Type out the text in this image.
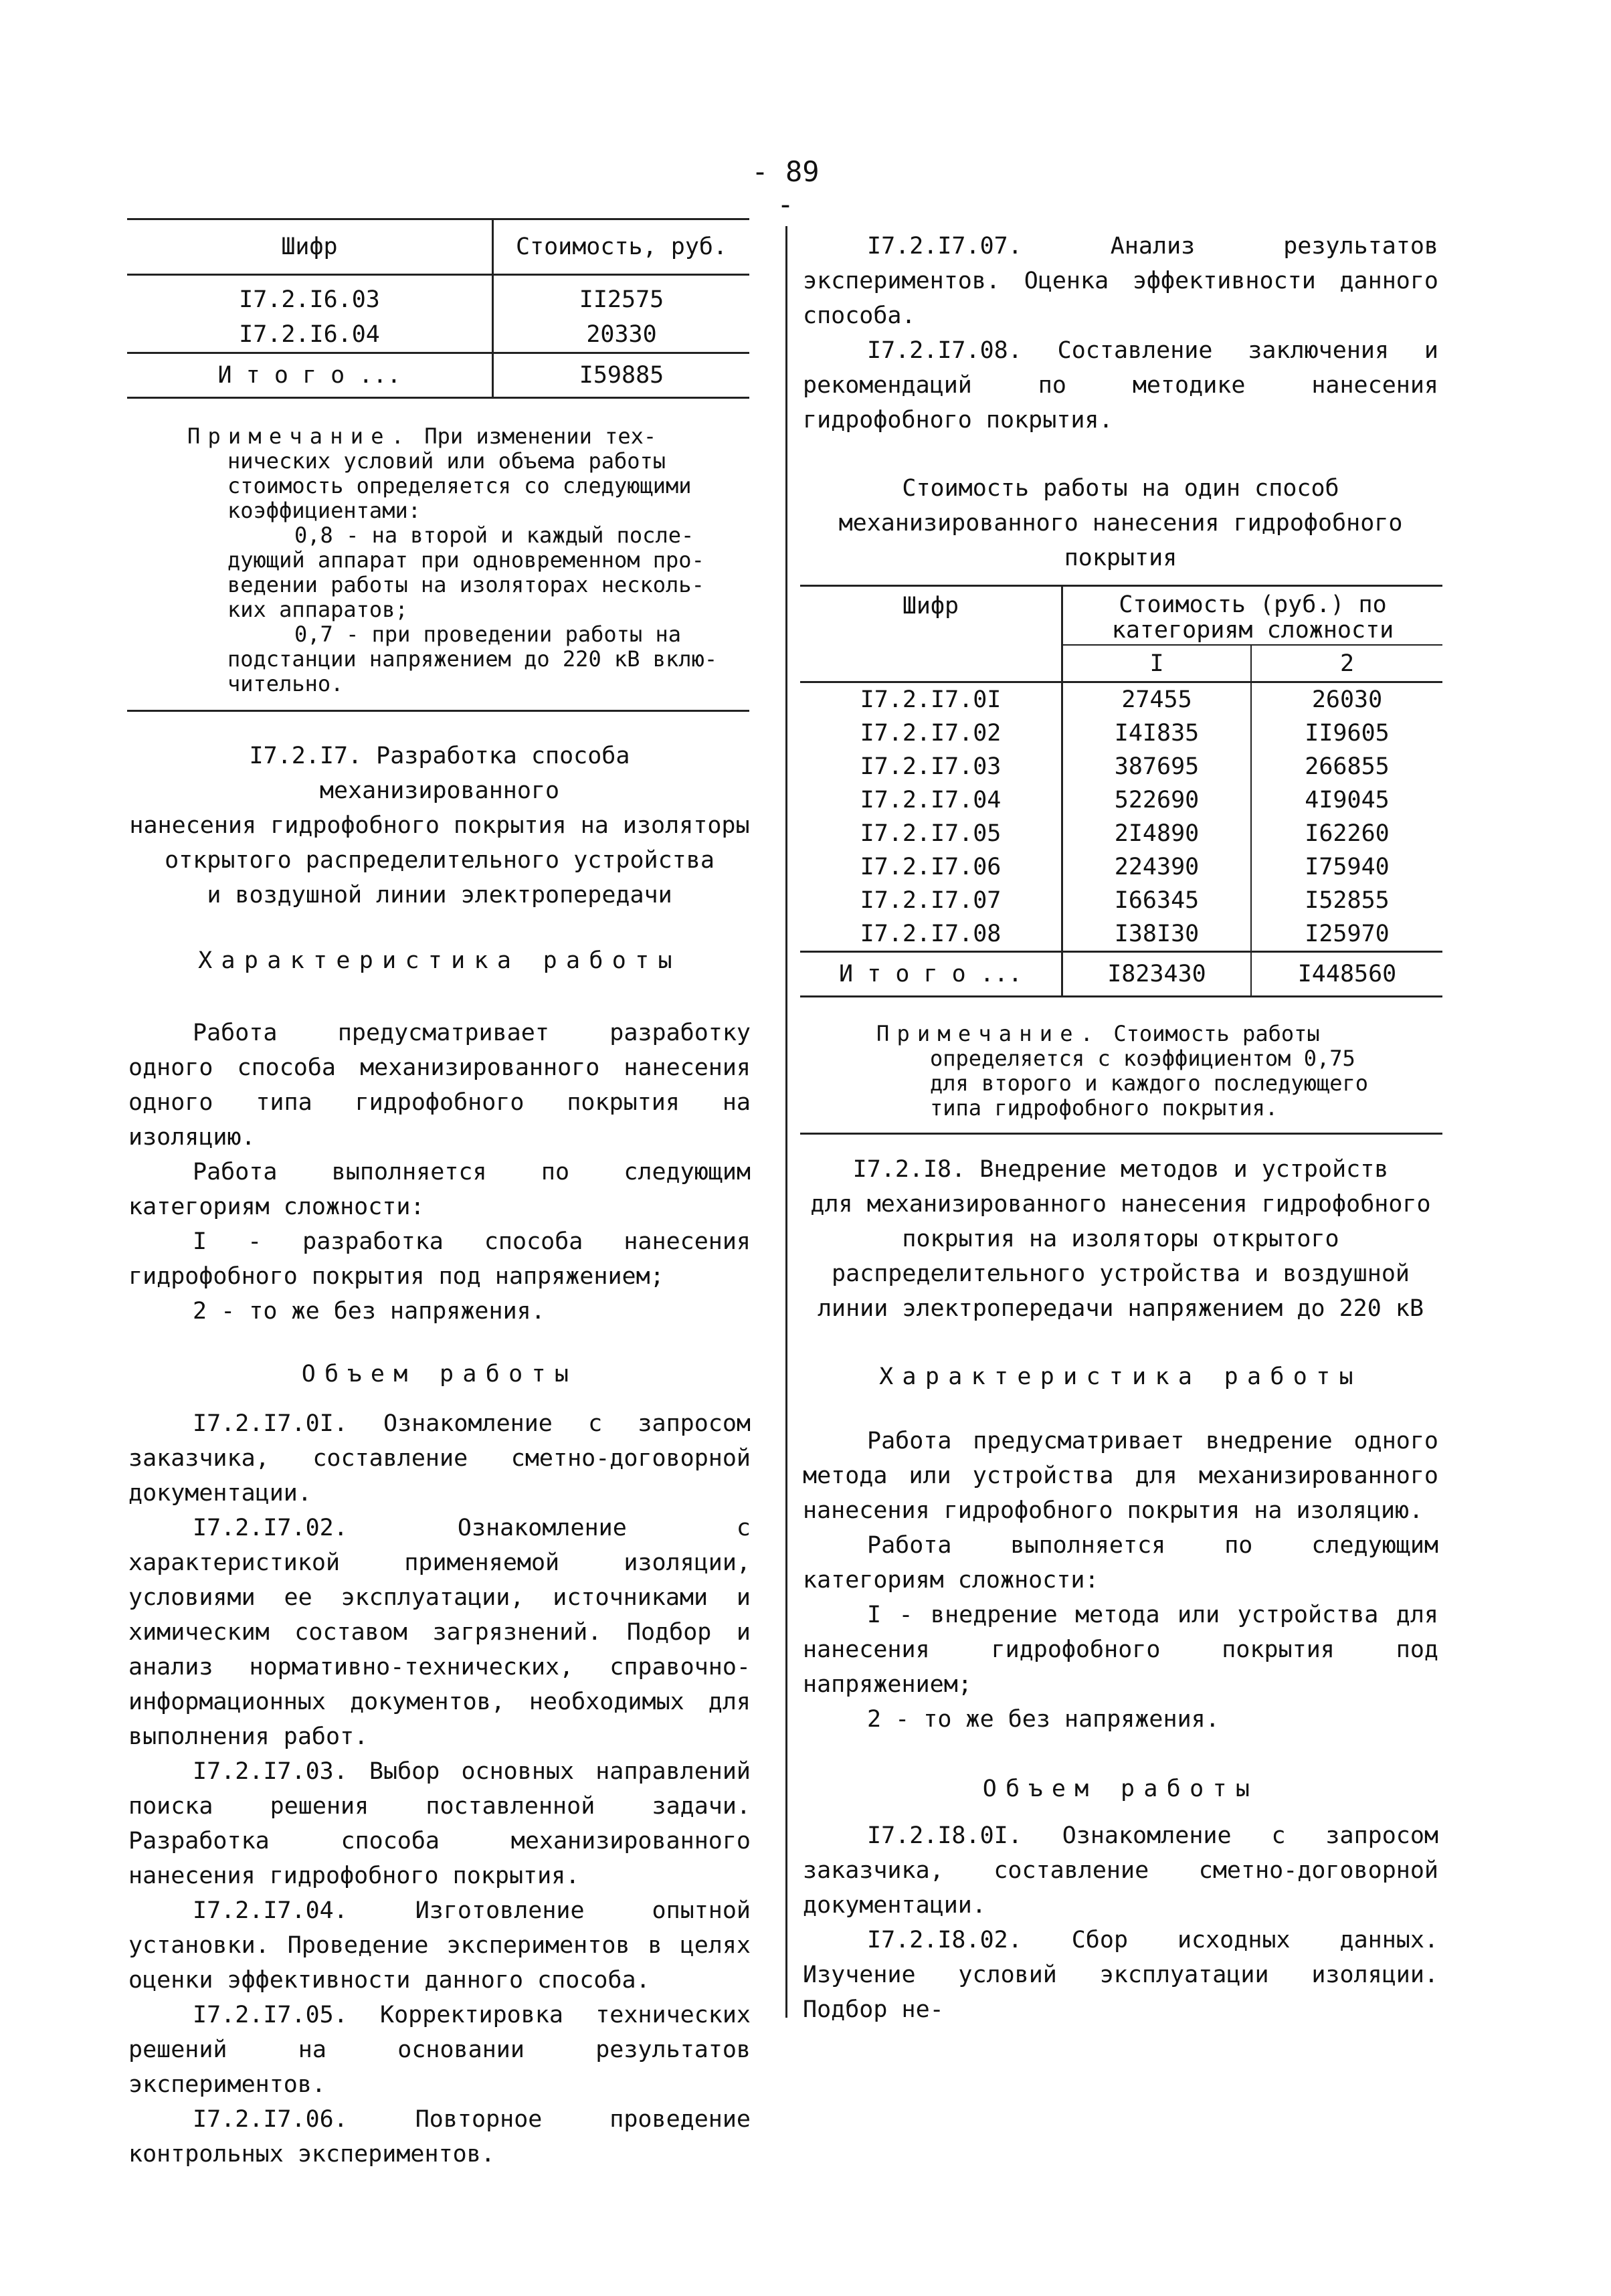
- 89 -
Шифр	Стоимость, руб.

I7.2.I6.03	II2575
I7.2.I6.04	20330

И т о г о ...	I59885

Примечание. При изменении тех-

нических условий или объема работы

стоимость определяется со следующими

коэффициентами:

0,8 - на второй и каждый после-

дующий аппарат при одновременном про-

ведении работы на изоляторах несколь-

ких аппаратов;

0,7 - при проведении работы на

подстанции напряжением до 220 кВ вклю-

чительно.

I7.2.I7. Разработка способа механизированного

нанесения гидрофобного покрытия на изоляторы

открытого распределительного устройства

и воздушной линии электропередачи

Характеристика работы

Работа предусматривает разработку одного способа механизированного нанесения одного типа гидрофобного покрытия на изоляцию.

Работа выполняется по следующим категориям сложности:

I - разработка способа нанесения гидрофобного покрытия под напряжением;

2 - то же без напряжения.

Объем работы

I7.2.I7.0I. Ознакомление с запросом заказчика, составление сметно-договорной документации.

I7.2.I7.02. Ознакомление с характеристикой применяемой изоляции, условиями ее эксплуатации, источниками и химическим составом загрязнений. Подбор и анализ нормативно-технических, справочно-информационных документов, необходимых для выполнения работ.

I7.2.I7.03. Выбор основных направлений поиска решения поставленной задачи. Разработка способа механизированного нанесения гидрофобного покрытия.

I7.2.I7.04. Изготовление опытной установки. Проведение экспериментов в целях оценки эффективности данного способа.

I7.2.I7.05. Корректировка технических решений на основании результатов экспериментов.

I7.2.I7.06. Повторное проведение контрольных экспериментов.

I7.2.I7.07. Анализ результатов экспериментов. Оценка эффективности данного способа.

I7.2.I7.08. Составление заключения и рекомендаций по методике нанесения гидрофобного покрытия.

Стоимость работы на один способ

механизированного нанесения гидрофобного

покрытия

Шифр	Стоимость (руб.) по категориям сложности	
	I	2

I7.2.I7.0I	27455	26030
I7.2.I7.02	I4I835	II9605
I7.2.I7.03	387695	266855
I7.2.I7.04	522690	4I9045
I7.2.I7.05	2I4890	I62260
I7.2.I7.06	224390	I75940
I7.2.I7.07	I66345	I52855
I7.2.I7.08	I38I30	I25970

И т о г о ...	I823430	I448560

Примечание. Стоимость работы

определяется с коэффициентом 0,75

для второго и каждого последующего

типа гидрофобного покрытия.

I7.2.I8. Внедрение методов и устройств

для механизированного нанесения гидрофобного

покрытия на изоляторы открытого

распределительного устройства и воздушной

линии электропередачи напряжением до 220 кВ

Характеристика работы

Работа предусматривает внедрение одного метода или устройства для механизированного нанесения гидрофобного покрытия на изоляцию.

Работа выполняется по следующим категориям сложности:

I - внедрение метода или устройства для нанесения гидрофобного покрытия под напряжением;

2 - то же без напряжения.

Объем работы

I7.2.I8.0I. Ознакомление с запросом заказчика, составление сметно-договорной документации.

I7.2.I8.02. Сбор исходных данных. Изучение условий эксплуатации изоляции. Подбор не-
